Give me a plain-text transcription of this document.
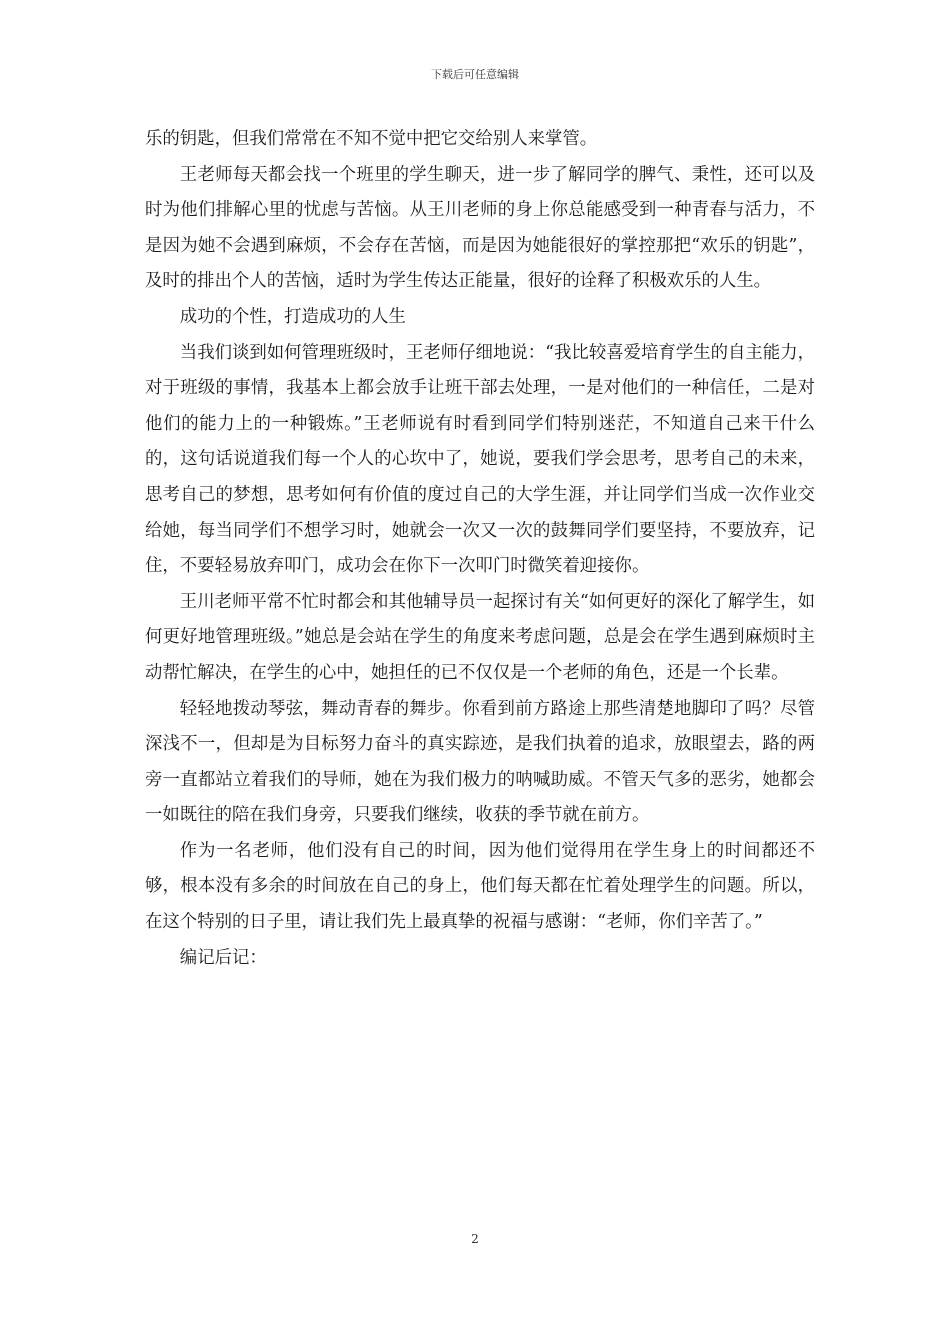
下载后可任意编辑

乐的钥匙，但我们常常在不知不觉中把它交给别人来掌管。

王老师每天都会找一个班里的学生聊天，进一步了解同学的脾气、秉性，还可以及时为他们排解心里的忧虑与苦恼。从王川老师的身上你总能感受到一种青春与活力，不是因为她不会遇到麻烦，不会存在苦恼，而是因为她能很好的掌控那把“欢乐的钥匙”，及时的排出个人的苦恼，适时为学生传达正能量，很好的诠释了积极欢乐的人生。

成功的个性，打造成功的人生

当我们谈到如何管理班级时，王老师仔细地说：“我比较喜爱培育学生的自主能力，对于班级的事情，我基本上都会放手让班干部去处理，一是对他们的一种信任，二是对他们的能力上的一种锻炼。”王老师说有时看到同学们特别迷茫，不知道自己来干什么的，这句话说道我们每一个人的心坎中了，她说，要我们学会思考，思考自己的未来，思考自己的梦想，思考如何有价值的度过自己的大学生涯，并让同学们当成一次作业交给她，每当同学们不想学习时，她就会一次又一次的鼓舞同学们要坚持，不要放弃，记住，不要轻易放弃叩门，成功会在你下一次叩门时微笑着迎接你。

王川老师平常不忙时都会和其他辅导员一起探讨有关“如何更好的深化了解学生，如何更好地管理班级。”她总是会站在学生的角度来考虑问题，总是会在学生遇到麻烦时主动帮忙解决，在学生的心中，她担任的已不仅仅是一个老师的角色，还是一个长辈。

轻轻地拨动琴弦，舞动青春的舞步。你看到前方路途上那些清楚地脚印了吗？尽管深浅不一，但却是为目标努力奋斗的真实踪迹，是我们执着的追求，放眼望去，路的两旁一直都站立着我们的导师，她在为我们极力的呐喊助威。不管天气多的恶劣，她都会一如既往的陪在我们身旁，只要我们继续，收获的季节就在前方。

作为一名老师，他们没有自己的时间，因为他们觉得用在学生身上的时间都还不够，根本没有多余的时间放在自己的身上，他们每天都在忙着处理学生的问题。所以，在这个特别的日子里，请让我们先上最真挚的祝福与感谢：“老师，你们辛苦了。”

编记后记：

2
